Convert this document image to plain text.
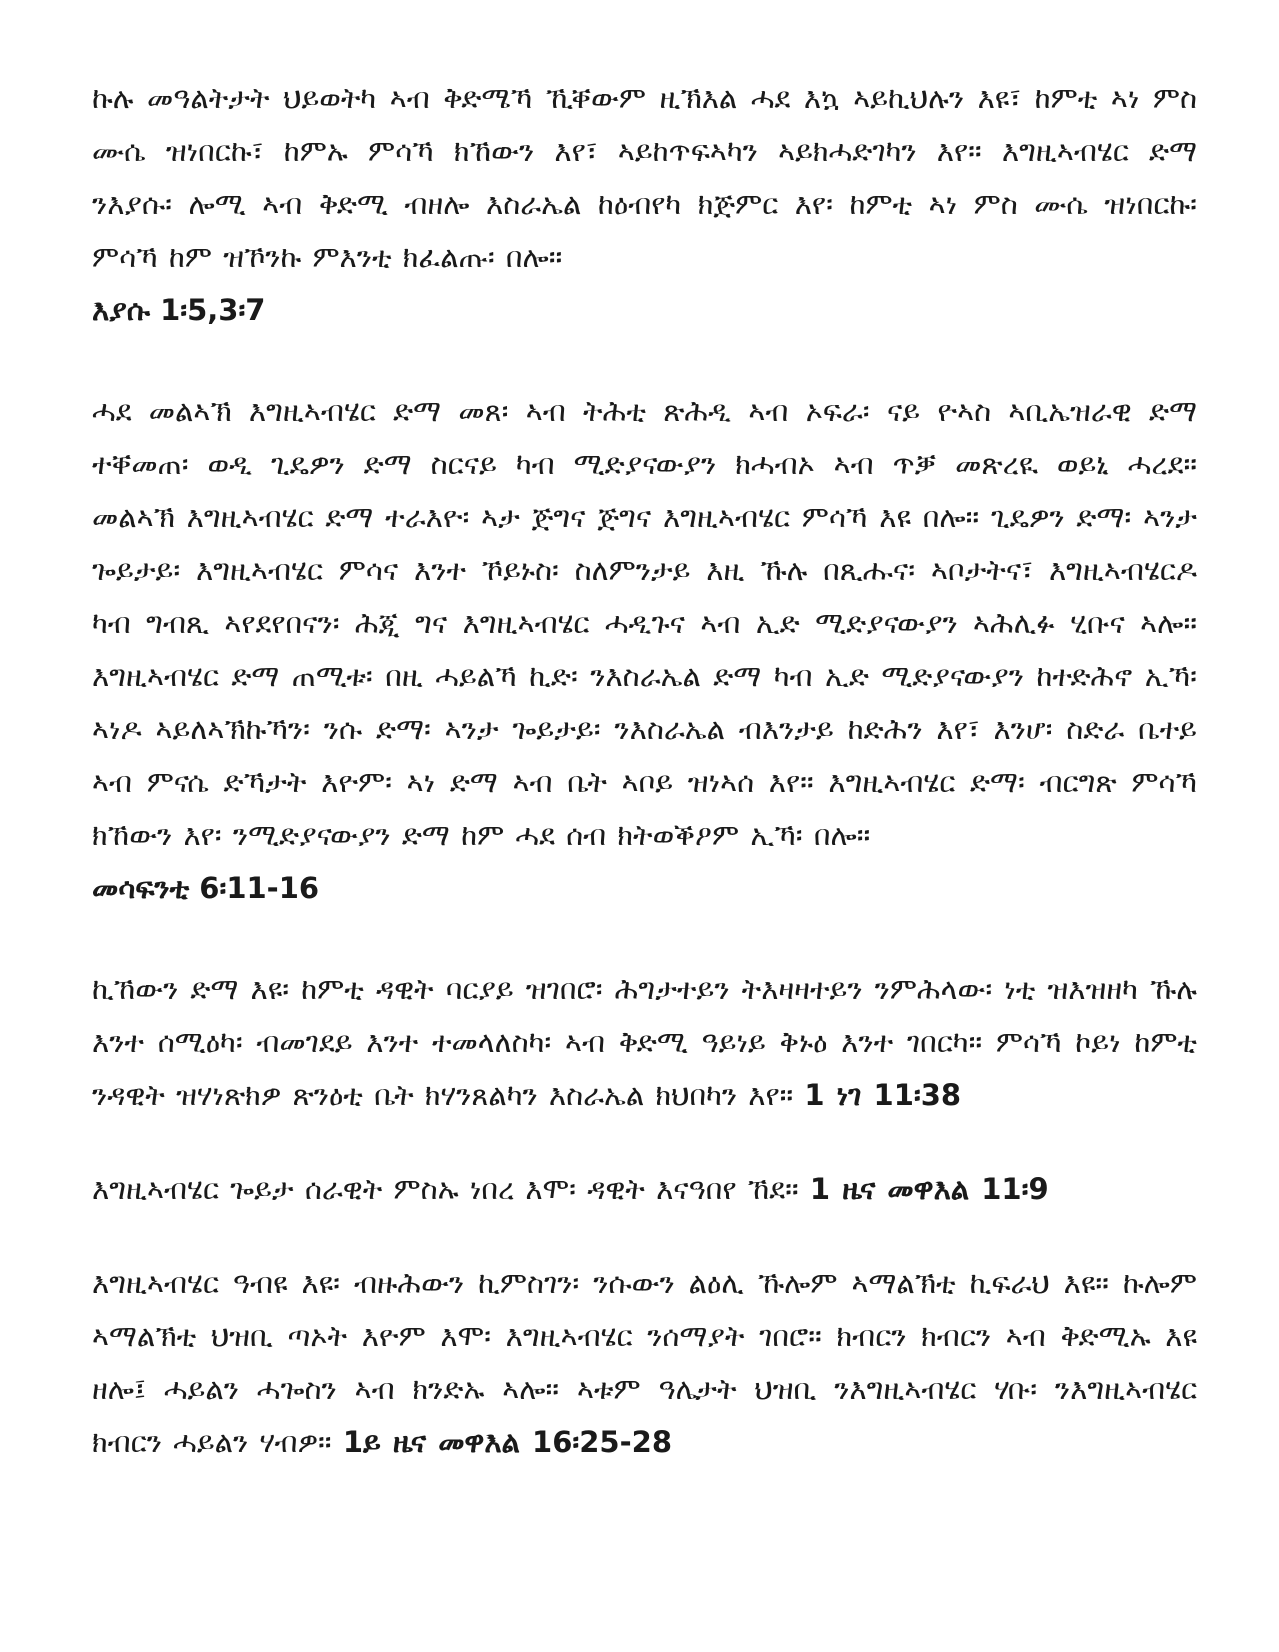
ኩሉ መዓልትታት ህይወትካ ኣብ ቅድሜኻ ኺቐውም ዚኽእል ሓደ እኳ ኣይኪህሉን እዩ፣ ከምቲ ኣነ ምስ ሙሴ ዝነበርኩ፣ ከምኡ ምሳኻ ክኸውን እየ፣ ኣይከጥፍኣካን ኣይክሓድገካን እየ። እግዚኣብሄር ድማ ንእያሱ፡ ሎሚ ኣብ ቅድሚ ብዘሎ እስራኤል ከዕብየካ ክጅምር እየ፡ ከምቲ ኣነ ምስ ሙሴ ዝነበርኩ፡ ምሳኻ ከም ዝኾንኩ ምእንቲ ክፈልጡ፡ በሎ።

እያሱ 1፡5,3፡7

ሓደ መልኣኽ እግዚኣብሄር ድማ መጸ፡ ኣብ ትሕቲ ጽሕዲ ኣብ ኦፍራ፡ ናይ ዮኣስ ኣቢኤዝራዊ ድማ ተቐመጠ፡ ወዲ ጊዴዎን ድማ ስርናይ ካብ ሚድያናውያን ክሓብኦ ኣብ ጥቓ መጽረዪ ወይኒ ሓረደ። መልኣኽ እግዚኣብሄር ድማ ተራእዮ፡ ኣታ ጅግና ጅግና እግዚኣብሄር ምሳኻ እዩ በሎ። ጊዴዎን ድማ፡ ኣንታ ጐይታይ፡ እግዚኣብሄር ምሳና እንተ ኾይኑስ፡ ስለምንታይ እዚ ኹሉ በጺሑና፡ ኣቦታትና፣ እግዚኣብሄርዶ ካብ ግብጺ ኣየደየበናን፡ ሕጂ ግና እግዚኣብሄር ሓዲጉና ኣብ ኢድ ሚድያናውያን ኣሕሊፉ ሂቡና ኣሎ። እግዚኣብሄር ድማ ጠሚቱ፡ በዚ ሓይልኻ ኪድ፡ ንእስራኤል ድማ ካብ ኢድ ሚድያናውያን ከተድሕኖ ኢኻ፡ ኣነዶ ኣይለኣኽኩኻን፡ ንሱ ድማ፡ ኣንታ ጐይታይ፡ ንእስራኤል ብእንታይ ከድሕን እየ፣ እንሆ፡ ስድራ ቤተይ ኣብ ምናሴ ድኻታት እዮም፡ ኣነ ድማ ኣብ ቤት ኣቦይ ዝነኣሰ እየ። እግዚኣብሄር ድማ፡ ብርግጽ ምሳኻ ክኸውን እየ፡ ንሚድያናውያን ድማ ከም ሓደ ሰብ ክትወቕዖም ኢኻ፡ በሎ።

መሳፍንቲ 6፡11-16

ኪኸውን ድማ እዩ፡ ከምቲ ዳዊት ባርያይ ዝገበሮ፡ ሕግታተይን ትእዛዛተይን ንምሕላው፡ ነቲ ዝእዝዘካ ኹሉ እንተ ሰሚዕካ፡ ብመገደይ እንተ ተመላለስካ፡ ኣብ ቅድሚ ዓይነይ ቅኑዕ እንተ ገበርካ። ምሳኻ ኮይነ ከምቲ ንዳዊት ዝሃነጽክዎ ጽንዕቲ ቤት ክሃንጸልካን እስራኤል ክህበካን እየ። 1 ነገ 11፡38

እግዚኣብሄር ጐይታ ሰራዊት ምስኡ ነበረ እሞ፡ ዳዊት እናዓበየ ኸደ። 1 ዜና መዋእል 11፡9

እግዚኣብሄር ዓብዩ እዩ፡ ብዙሕውን ኪምስገን፡ ንሱውን ልዕሊ ኹሎም ኣማልኽቲ ኪፍራህ እዩ። ኩሎም ኣማልኽቲ ህዝቢ ጣኦት እዮም እሞ፡ እግዚኣብሄር ንሰማያት ገበሮ። ክብርን ክብርን ኣብ ቅድሚኡ እዩ ዘሎ፤ ሓይልን ሓጐስን ኣብ ክንድኡ ኣሎ። ኣቱም ዓሌታት ህዝቢ ንእግዚኣብሄር ሃቡ፡ ንእግዚኣብሄር ክብርን ሓይልን ሃብዎ። 1ይ ዜና መዋእል 16፡25-28
